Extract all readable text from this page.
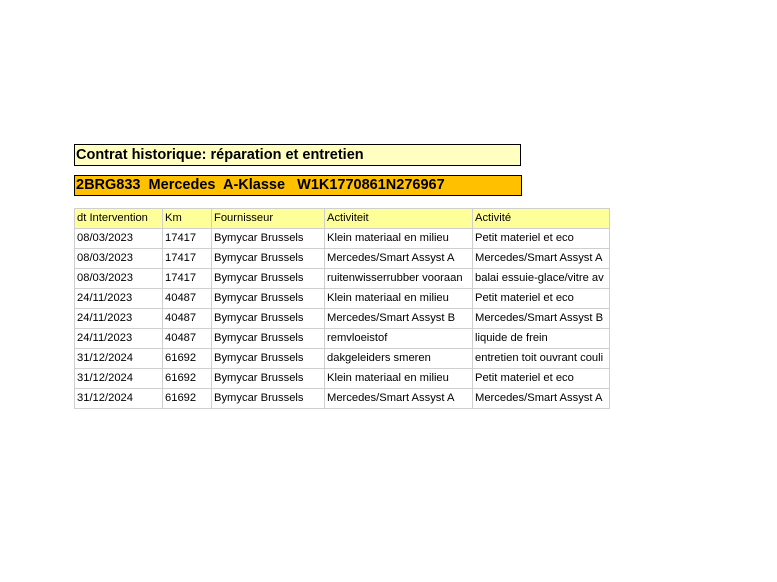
Contrat historique: réparation et entretien
2BRG833 Mercedes A-Klasse W1K1770861N276967
dt Intervention	Km	Fournisseur	Activiteit	Activité
08/03/2023	17417	Bymycar Brussels	Klein materiaal en milieu	Petit materiel et eco
08/03/2023	17417	Bymycar Brussels	Mercedes/Smart Assyst A	Mercedes/Smart Assyst A
08/03/2023	17417	Bymycar Brussels	ruitenwisserrubber vooraan	balai essuie-glace/vitre av
24/11/2023	40487	Bymycar Brussels	Klein materiaal en milieu	Petit materiel et eco
24/11/2023	40487	Bymycar Brussels	Mercedes/Smart Assyst B	Mercedes/Smart Assyst B
24/11/2023	40487	Bymycar Brussels	remvloeistof	liquide de frein
31/12/2024	61692	Bymycar Brussels	dakgeleiders smeren	entretien toit ouvrant couli
31/12/2024	61692	Bymycar Brussels	Klein materiaal en milieu	Petit materiel et eco
31/12/2024	61692	Bymycar Brussels	Mercedes/Smart Assyst A	Mercedes/Smart Assyst A
